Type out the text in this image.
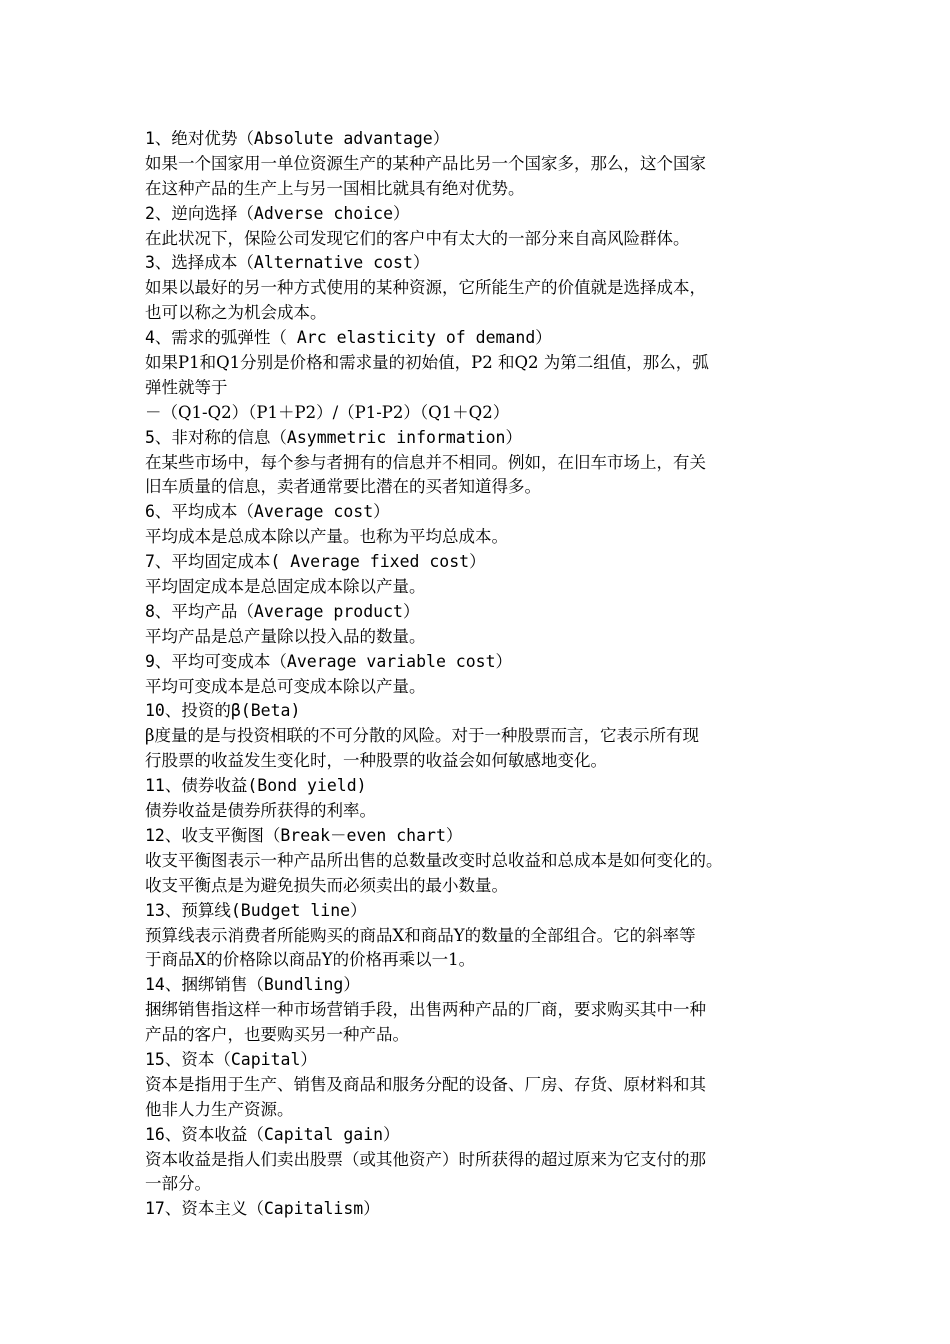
1、绝对优势（Absolute advantage）
如果一个国家用一单位资源生产的某种产品比另一个国家多，那么，这个国家
在这种产品的生产上与另一国相比就具有绝对优势。
2、逆向选择（Adverse choice）
在此状况下，保险公司发现它们的客户中有太大的一部分来自高风险群体。
3、选择成本（Alternative cost）
如果以最好的另一种方式使用的某种资源，它所能生产的价值就是选择成本，
也可以称之为机会成本。
4、需求的弧弹性（ Arc elasticity of demand）
如果P1和Q1分别是价格和需求量的初始值，P2 和Q2 为第二组值，那么，弧
弹性就等于
－（Q1-Q2）（P1＋P2）/（P1-P2）（Q1＋Q2）
5、非对称的信息（Asymmetric information）
在某些市场中，每个参与者拥有的信息并不相同。例如，在旧车市场上，有关
旧车质量的信息，卖者通常要比潜在的买者知道得多。
6、平均成本（Average cost）
平均成本是总成本除以产量。也称为平均总成本。
7、平均固定成本( Average fixed cost）
平均固定成本是总固定成本除以产量。
8、平均产品（Average product）
平均产品是总产量除以投入品的数量。
9、平均可变成本（Average variable cost）
平均可变成本是总可变成本除以产量。
10、投资的β(Beta)
β度量的是与投资相联的不可分散的风险。对于一种股票而言，它表示所有现
行股票的收益发生变化时，一种股票的收益会如何敏感地变化。
11、债券收益(Bond yield)
债券收益是债券所获得的利率。
12、收支平衡图（Break－even chart）
收支平衡图表示一种产品所出售的总数量改变时总收益和总成本是如何变化的。
收支平衡点是为避免损失而必须卖出的最小数量。
13、预算线(Budget line）
预算线表示消费者所能购买的商品X和商品Y的数量的全部组合。它的斜率等
于商品X的价格除以商品Y的价格再乘以一1。
14、捆绑销售（Bundling）
捆绑销售指这样一种市场营销手段，出售两种产品的厂商，要求购买其中一种
产品的客户，也要购买另一种产品。
15、资本（Capital）
资本是指用于生产、销售及商品和服务分配的设备、厂房、存货、原材料和其
他非人力生产资源。
16、资本收益（Capital gain）
资本收益是指人们卖出股票（或其他资产）时所获得的超过原来为它支付的那
一部分。
17、资本主义（Capitalism）
